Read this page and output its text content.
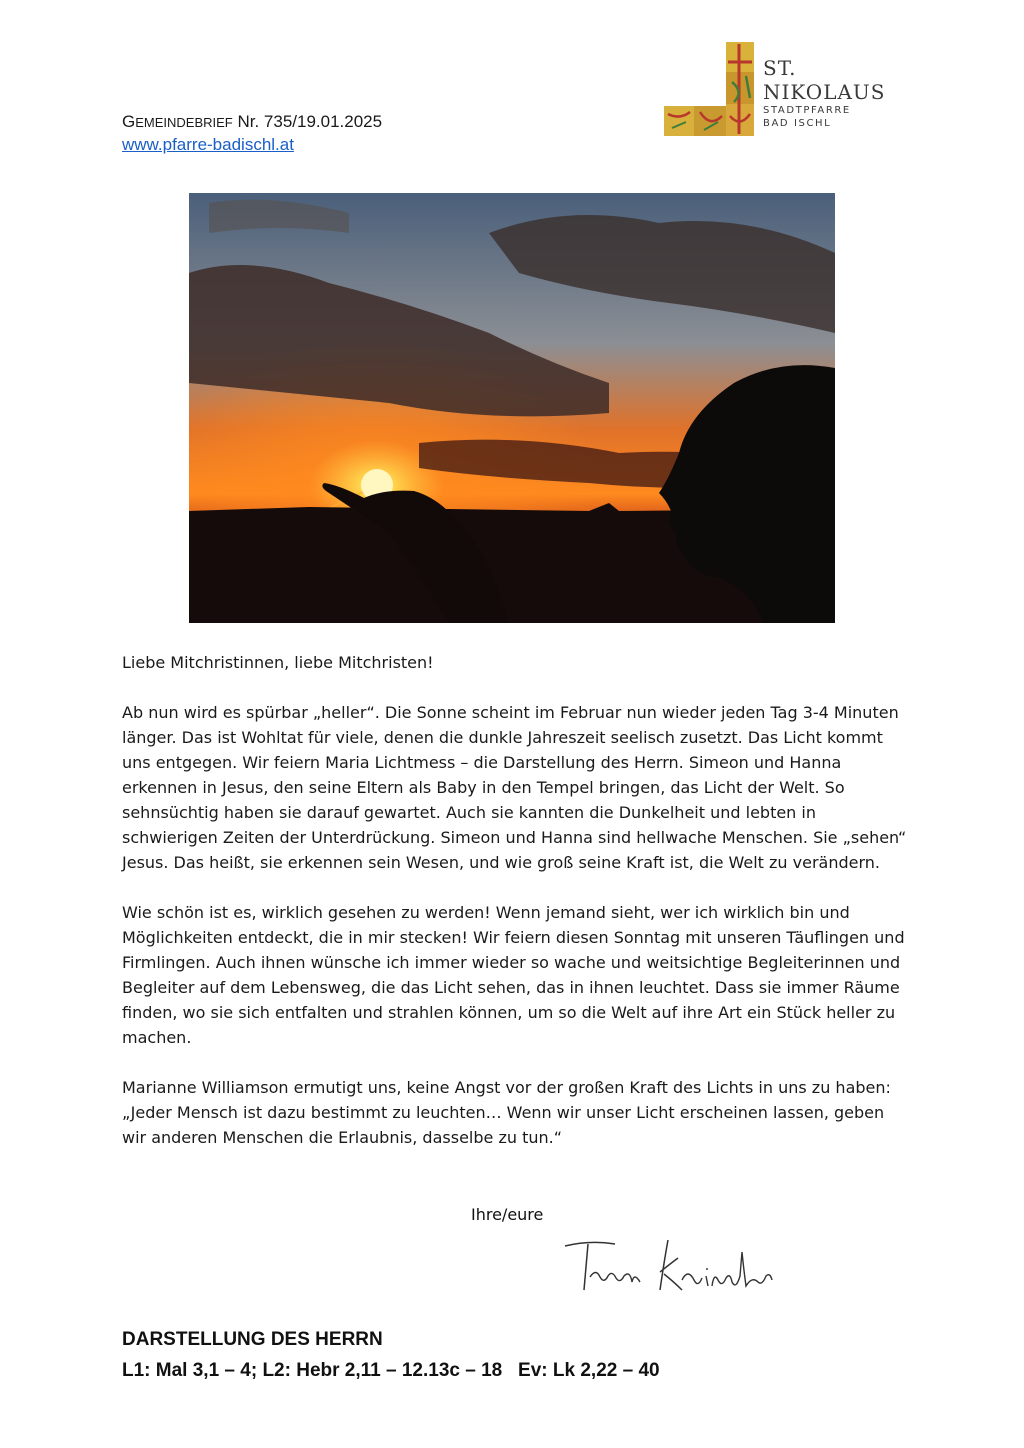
GEMEINDEBRIEF Nr. 735/19.01.2025
www.pfarre-badischl.at
ST.
NIKOLAUS
STADTPFARRE
BAD ISCHL

Liebe Mitchristinnen, liebe Mitchristen!

Ab nun wird es spürbar „heller“. Die Sonne scheint im Februar nun wieder jeden Tag 3-4 Minuten länger. Das ist Wohltat für viele, denen die dunkle Jahreszeit seelisch zusetzt. Das Licht kommt uns entgegen. Wir feiern Maria Lichtmess – die Darstellung des Herrn. Simeon und Hanna erkennen in Jesus, den seine Eltern als Baby in den Tempel bringen, das Licht der Welt. So sehnsüchtig haben sie darauf gewartet. Auch sie kannten die Dunkelheit und lebten in schwierigen Zeiten der Unterdrückung. Simeon und Hanna sind hellwache Menschen. Sie „sehen“ Jesus. Das heißt, sie erkennen sein Wesen, und wie groß seine Kraft ist, die Welt zu verändern.

Wie schön ist es, wirklich gesehen zu werden! Wenn jemand sieht, wer ich wirklich bin und Möglichkeiten entdeckt, die in mir stecken! Wir feiern diesen Sonntag mit unseren Täuflingen und Firmlingen. Auch ihnen wünsche ich immer wieder so wache und weitsichtige Begleiterinnen und Begleiter auf dem Lebensweg, die das Licht sehen, das in ihnen leuchtet. Dass sie immer Räume finden, wo sie sich entfalten und strahlen können, um so die Welt auf ihre Art ein Stück heller zu machen.

Marianne Williamson ermutigt uns, keine Angst vor der großen Kraft des Lichts in uns zu haben: „Jeder Mensch ist dazu bestimmt zu leuchten… Wenn wir unser Licht erscheinen lassen, geben wir anderen Menschen die Erlaubnis, dasselbe zu tun.“

Ihre/eure
DARSTELLUNG DES HERRN
L1: Mal 3,1 – 4; L2: Hebr 2,11 – 12.13c – 18   Ev: Lk 2,22 – 40
